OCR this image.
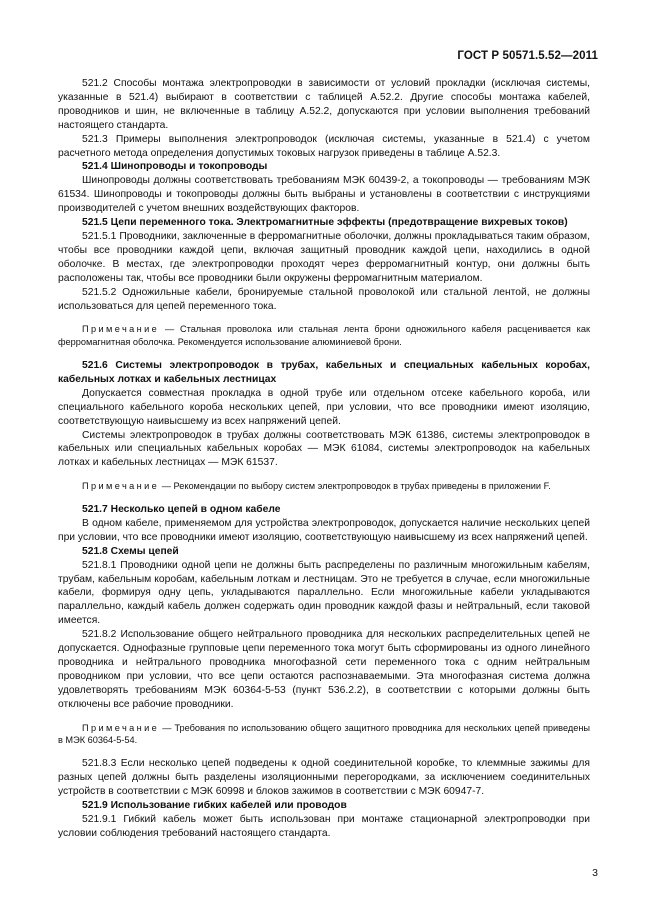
ГОСТ Р 50571.5.52—2011

521.2 Способы монтажа электропроводки в зависимости от условий прокладки (исключая системы, указанные в 521.4) выбирают в соответствии с таблицей А.52.2. Другие способы монтажа кабелей, проводников и шин, не включенные в таблицу А.52.2, допускаются при условии выполнения требований настоящего стандарта.

521.3 Примеры выполнения электропроводок (исключая системы, указанные в 521.4) с учетом расчетного метода определения допустимых токовых нагрузок приведены в таблице А.52.3.

521.4 Шинопроводы и токопроводы

Шинопроводы должны соответствовать требованиям МЭК 60439-2, а токопроводы — требованиям МЭК 61534. Шинопроводы и токопроводы должны быть выбраны и установлены в соответствии с инструкциями производителей с учетом внешних воздействующих факторов.

521.5 Цепи переменного тока. Электромагнитные эффекты (предотвращение вихревых токов)

521.5.1 Проводники, заключенные в ферромагнитные оболочки, должны прокладываться таким образом, чтобы все проводники каждой цепи, включая защитный проводник каждой цепи, находились в одной оболочке. В местах, где электропроводки проходят через ферромагнитный контур, они должны быть расположены так, чтобы все проводники были окружены ферромагнитным материалом.

521.5.2 Одножильные кабели, бронируемые стальной проволокой или стальной лентой, не должны использоваться для цепей переменного тока.

Примечание — Стальная проволока или стальная лента брони одножильного кабеля расценивается как ферромагнитная оболочка. Рекомендуется использование алюминиевой брони.

521.6 Системы электропроводок в трубах, кабельных и специальных кабельных коробах, кабельных лотках и кабельных лестницах

Допускается совместная прокладка в одной трубе или отдельном отсеке кабельного короба, или специального кабельного короба нескольких цепей, при условии, что все проводники имеют изоляцию, соответствующую наивысшему из всех напряжений цепей.

Системы электропроводок в трубах должны соответствовать МЭК 61386, системы электропроводок в кабельных или специальных кабельных коробах — МЭК 61084, системы электропроводок на кабельных лотках и кабельных лестницах — МЭК 61537.

Примечание — Рекомендации по выбору систем электропроводок в трубах приведены в приложении F.

521.7 Несколько цепей в одном кабеле

В одном кабеле, применяемом для устройства электропроводок, допускается наличие нескольких цепей при условии, что все проводники имеют изоляцию, соответствующую наивысшему из всех напряжений цепей.

521.8 Схемы цепей

521.8.1 Проводники одной цепи не должны быть распределены по различным многожильным кабелям, трубам, кабельным коробам, кабельным лоткам и лестницам. Это не требуется в случае, если многожильные кабели, формируя одну цепь, укладываются параллельно. Если многожильные кабели укладываются параллельно, каждый кабель должен содержать один проводник каждой фазы и нейтральный, если таковой имеется.

521.8.2 Использование общего нейтрального проводника для нескольких распределительных цепей не допускается. Однофазные групповые цепи переменного тока могут быть сформированы из одного линейного проводника и нейтрального проводника многофазной сети переменного тока с одним нейтральным проводником при условии, что все цепи остаются распознаваемыми. Эта многофазная система должна удовлетворять требованиям МЭК 60364-5-53 (пункт 536.2.2), в соответствии с которыми должны быть отключены все рабочие проводники.

Примечание — Требования по использованию общего защитного проводника для нескольких цепей приведены в МЭК 60364-5-54.

521.8.3 Если несколько цепей подведены к одной соединительной коробке, то клеммные зажимы для разных цепей должны быть разделены изоляционными перегородками, за исключением соединительных устройств в соответствии с МЭК 60998 и блоков зажимов в соответствии с МЭК 60947-7.

521.9 Использование гибких кабелей или проводов

521.9.1 Гибкий кабель может быть использован при монтаже стационарной электропроводки при условии соблюдения требований настоящего стандарта.

3
